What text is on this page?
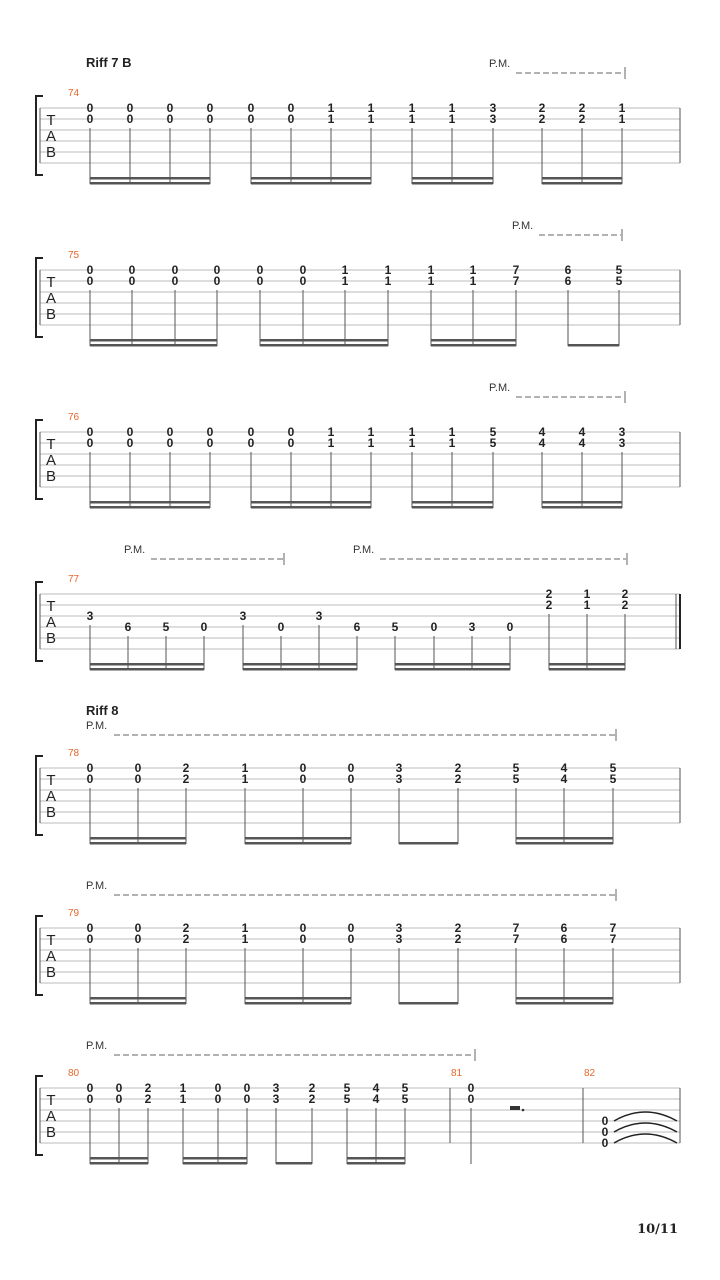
Riff 7 B
Riff 8
P.M.
74
T
A
B
0
0
0
0
0
0
0
0
0
0
0
0
1
1
1
1
1
1
1
1
3
3
2
2
2
2
1
1
P.M.
75
T
A
B
0
0
0
0
0
0
0
0
0
0
0
0
1
1
1
1
1
1
1
1
7
7
6
6
5
5
P.M.
76
T
A
B
0
0
0
0
0
0
0
0
0
0
0
0
1
1
1
1
1
1
1
1
5
5
4
4
4
4
3
3
P.M.	P.M.
77
T
A
B
3
6	5	0
3
0
3
6	5	0	3	0
2
2
1
1
2
2
P.M.
78
T
A
B
0
0
0
0
2
2
1
1
0
0
0
0
3
3
2
2
5
5
4
4
5
5
P.M.
79
T
A
B
0
0
0
0
2
2
1
1
0
0
0
0
3
3
2
2
7
7
6
6
7
7
P.M.
80	81	82
T
A
B
0
0
0
0
2
2
1
1
0
0
0
0
3
3
2
2
5
5
4
4
5
5
0
0
0
0
0
10/11
